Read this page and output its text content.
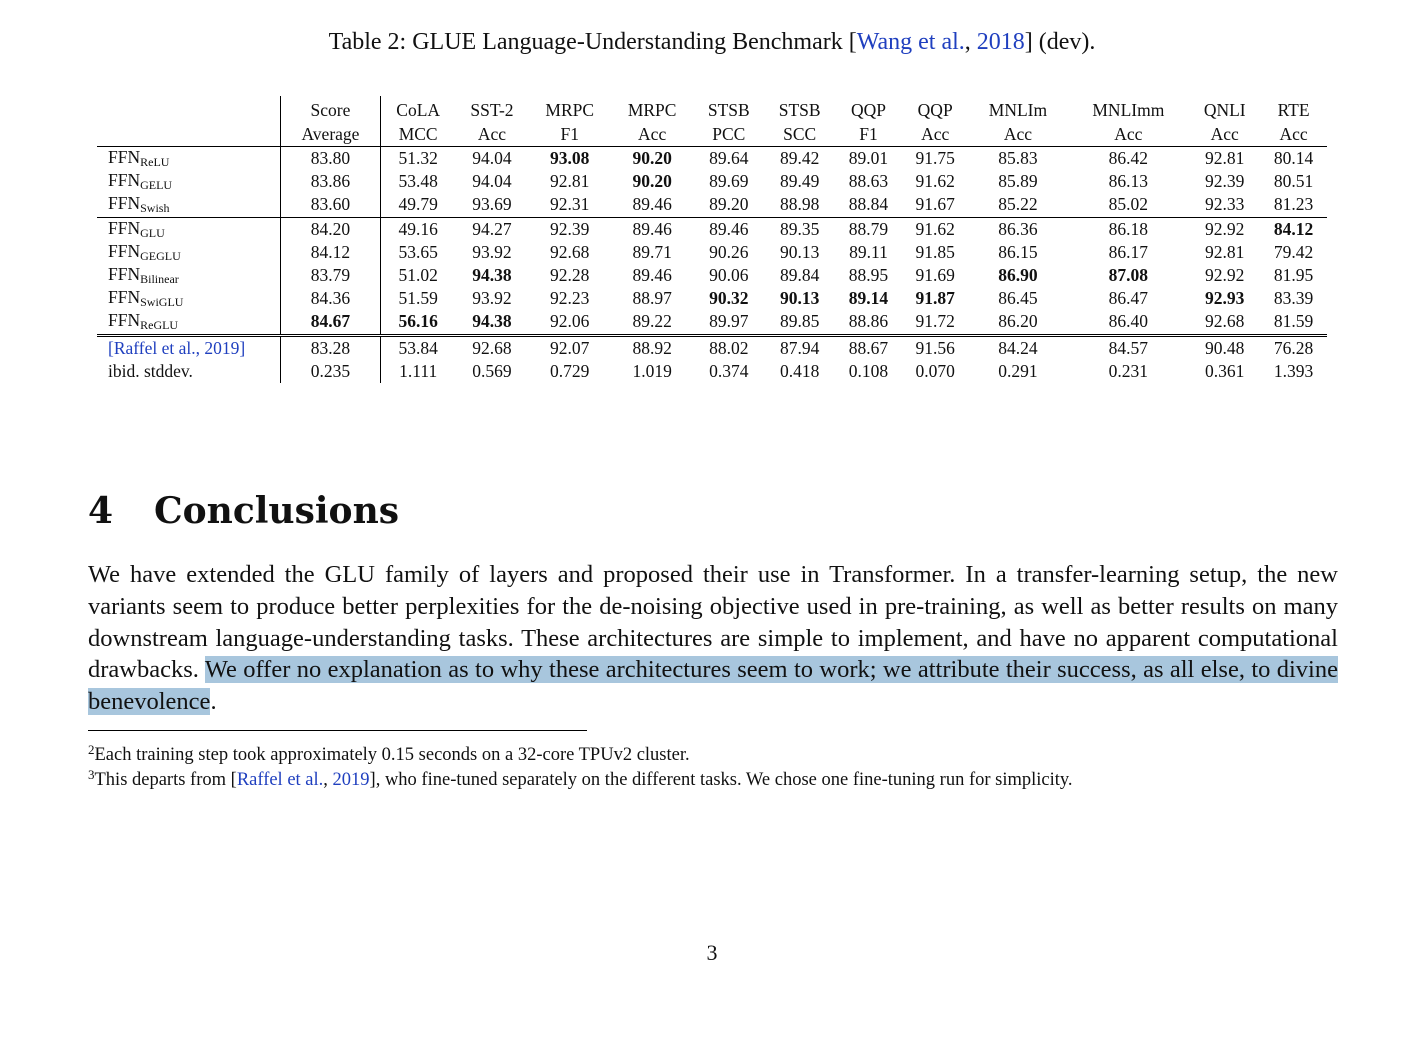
Table 2: GLUE Language-Understanding Benchmark [Wang et al., 2018] (dev).
	Score	CoLA	SST-2	MRPC	MRPC	STSB	STSB	QQP	QQP	MNLIm	MNLImm	QNLI	RTE
	Average	MCC	Acc	F1	Acc	PCC	SCC	F1	Acc	Acc	Acc	Acc	Acc
$FFN_{ReLU}$	83.80	51.32	94.04	93.08	90.20	89.64	89.42	89.01	91.75	85.83	86.42	92.81	80.14
$FFN_{GELU}$	83.86	53.48	94.04	92.81	90.20	89.69	89.49	88.63	91.62	85.89	86.13	92.39	80.51
$FFN_{Swish}$	83.60	49.79	93.69	92.31	89.46	89.20	88.98	88.84	91.67	85.22	85.02	92.33	81.23
$FFN_{GLU}$	84.20	49.16	94.27	92.39	89.46	89.46	89.35	88.79	91.62	86.36	86.18	92.92	84.12
$FFN_{GEGLU}$	84.12	53.65	93.92	92.68	89.71	90.26	90.13	89.11	91.85	86.15	86.17	92.81	79.42
$FFN_{Bilinear}$	83.79	51.02	94.38	92.28	89.46	90.06	89.84	88.95	91.69	86.90	87.08	92.92	81.95
$FFN_{SwiGLU}$	84.36	51.59	93.92	92.23	88.97	90.32	90.13	89.14	91.87	86.45	86.47	92.93	83.39
$FFN_{ReGLU}$	84.67	56.16	94.38	92.06	89.22	89.97	89.85	88.86	91.72	86.20	86.40	92.68	81.59
[Raffel et al., 2019]	83.28	53.84	92.68	92.07	88.92	88.02	87.94	88.67	91.56	84.24	84.57	90.48	76.28
ibid. stddev.	0.235	1.111	0.569	0.729	1.019	0.374	0.418	0.108	0.070	0.291	0.231	0.361	1.393
4 Conclusions

We have extended the GLU family of layers and proposed their use in Transformer. In a transfer-learning setup, the new variants seem to produce better perplexities for the de-noising objective used in pre-training, as well as better results on many downstream language-understanding tasks. These architectures are simple to implement, and have no apparent computational drawbacks. We offer no explanation as to why these architectures seem to work; we attribute their success, as all else, to divine benevolence.

$^2$Each training step took approximately 0.15 seconds on a 32-core TPUv2 cluster.
$^3$This departs from [Raffel et al., 2019], who fine-tuned separately on the different tasks. We chose one fine-tuning run for simplicity.
3
